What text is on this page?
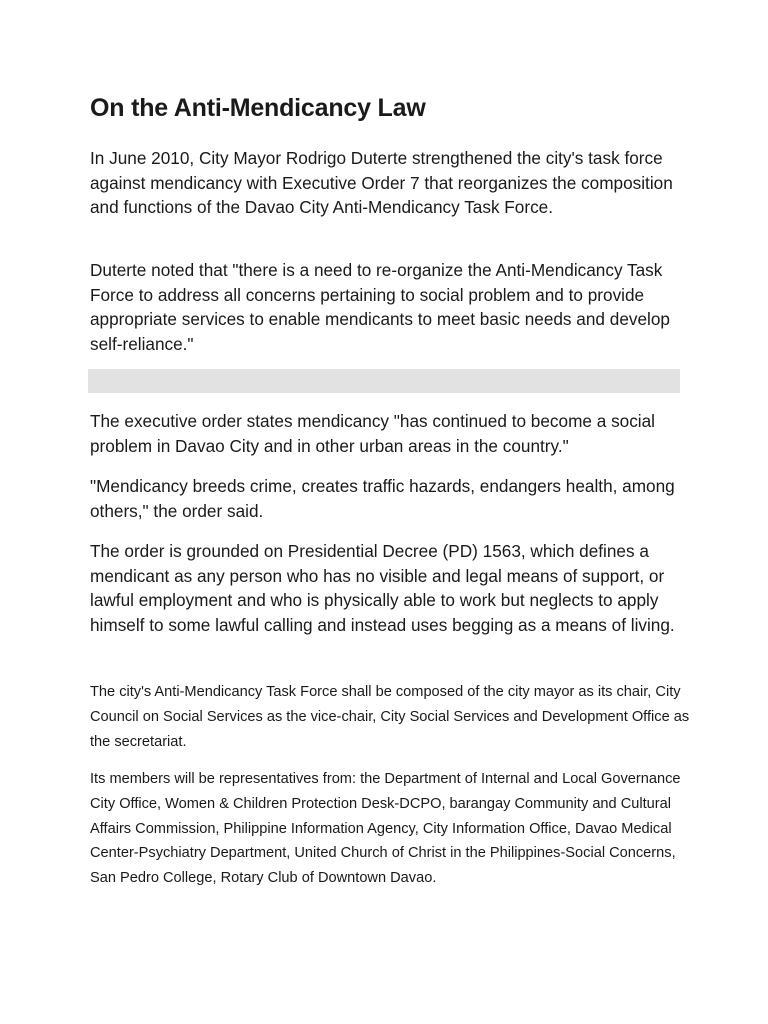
On the Anti-Mendicancy Law

In June 2010, City Mayor Rodrigo Duterte strengthened the city's task force against mendicancy with Executive Order 7 that reorganizes the composition and functions of the Davao City Anti-Mendicancy Task Force.

Duterte noted that "there is a need to re-organize the Anti-Mendicancy Task Force to address all concerns pertaining to social problem and to provide appropriate services to enable mendicants to meet basic needs and develop self-reliance."

The executive order states mendicancy "has continued to become a social problem in Davao City and in other urban areas in the country."

"Mendicancy breeds crime, creates traffic hazards, endangers health, among others," the order said.

The order is grounded on Presidential Decree (PD) 1563, which defines a mendicant as any person who has no visible and legal means of support, or lawful employment and who is physically able to work but neglects to apply himself to some lawful calling and instead uses begging as a means of living.

The city's Anti-Mendicancy Task Force shall be composed of the city mayor as its chair, City Council on Social Services as the vice-chair, City Social Services and Development Office as the secretariat.

Its members will be representatives from: the Department of Internal and Local Governance City Office, Women & Children Protection Desk-DCPO, barangay Community and Cultural Affairs Commission, Philippine Information Agency, City Information Office, Davao Medical Center-Psychiatry Department, United Church of Christ in the Philippines-Social Concerns, San Pedro College, Rotary Club of Downtown Davao.
